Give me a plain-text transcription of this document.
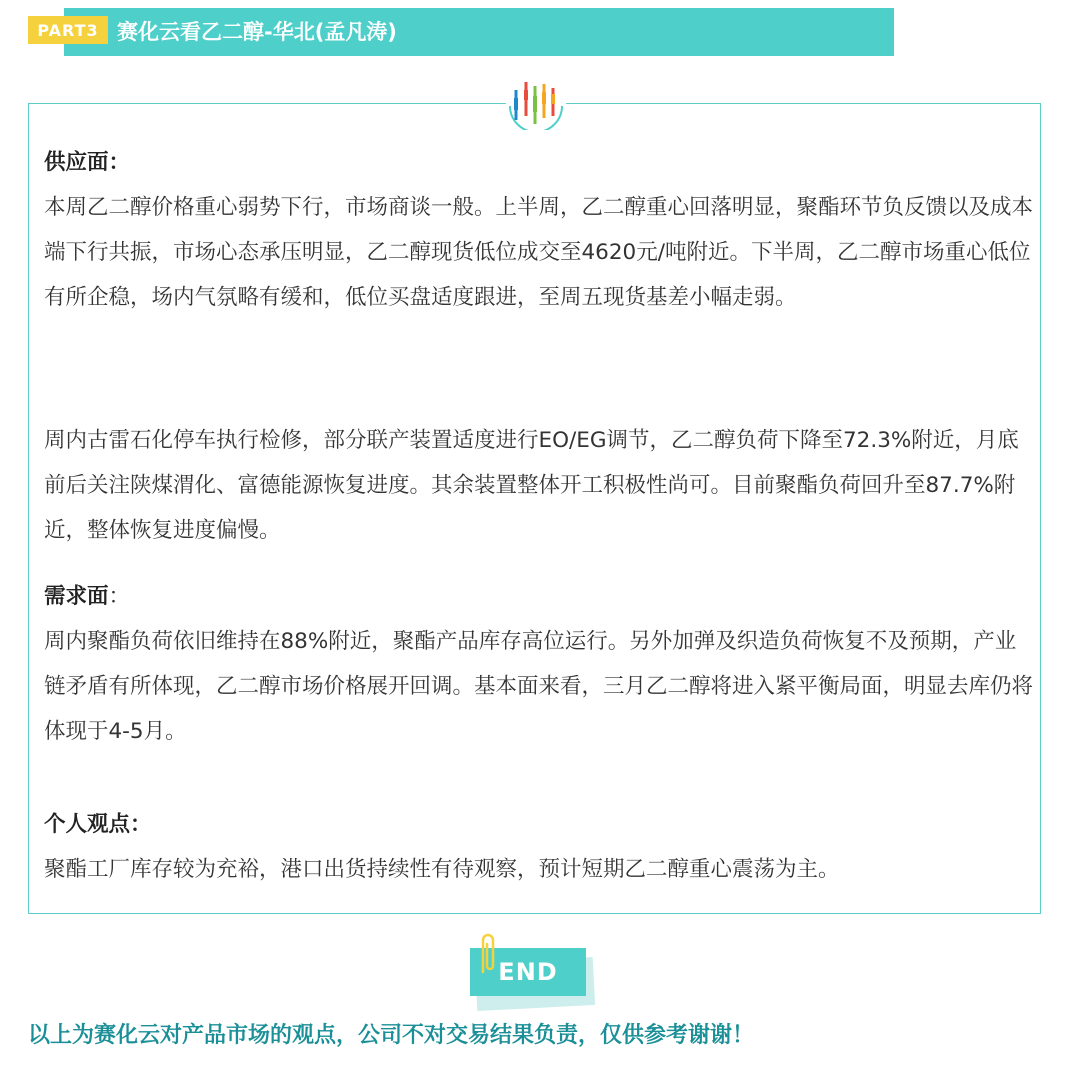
PART3 赛化云看乙二醇-华北(孟凡涛)
供应面：
本周乙二醇价格重心弱势下行，市场商谈一般。上半周，乙二醇重心回落明显，聚酯环节负反馈以及成本端下行共振，市场心态承压明显，乙二醇现货低位成交至4620元/吨附近。下半周，乙二醇市场重心低位有所企稳，场内气氛略有缓和，低位买盘适度跟进，至周五现货基差小幅走弱。
周内古雷石化停车执行检修，部分联产装置适度进行EO/EG调节，乙二醇负荷下降至72.3%附近，月底前后关注陕煤渭化、富德能源恢复进度。其余装置整体开工积极性尚可。目前聚酯负荷回升至87.7%附近，整体恢复进度偏慢。
需求面：
周内聚酯负荷依旧维持在88%附近，聚酯产品库存高位运行。另外加弹及织造负荷恢复不及预期，产业链矛盾有所体现，乙二醇市场价格展开回调。基本面来看，三月乙二醇将进入紧平衡局面，明显去库仍将体现于4-5月。
个人观点：
聚酯工厂库存较为充裕，港口出货持续性有待观察，预计短期乙二醇重心震荡为主。
END
以上为赛化云对产品市场的观点，公司不对交易结果负责，仅供参考谢谢！
